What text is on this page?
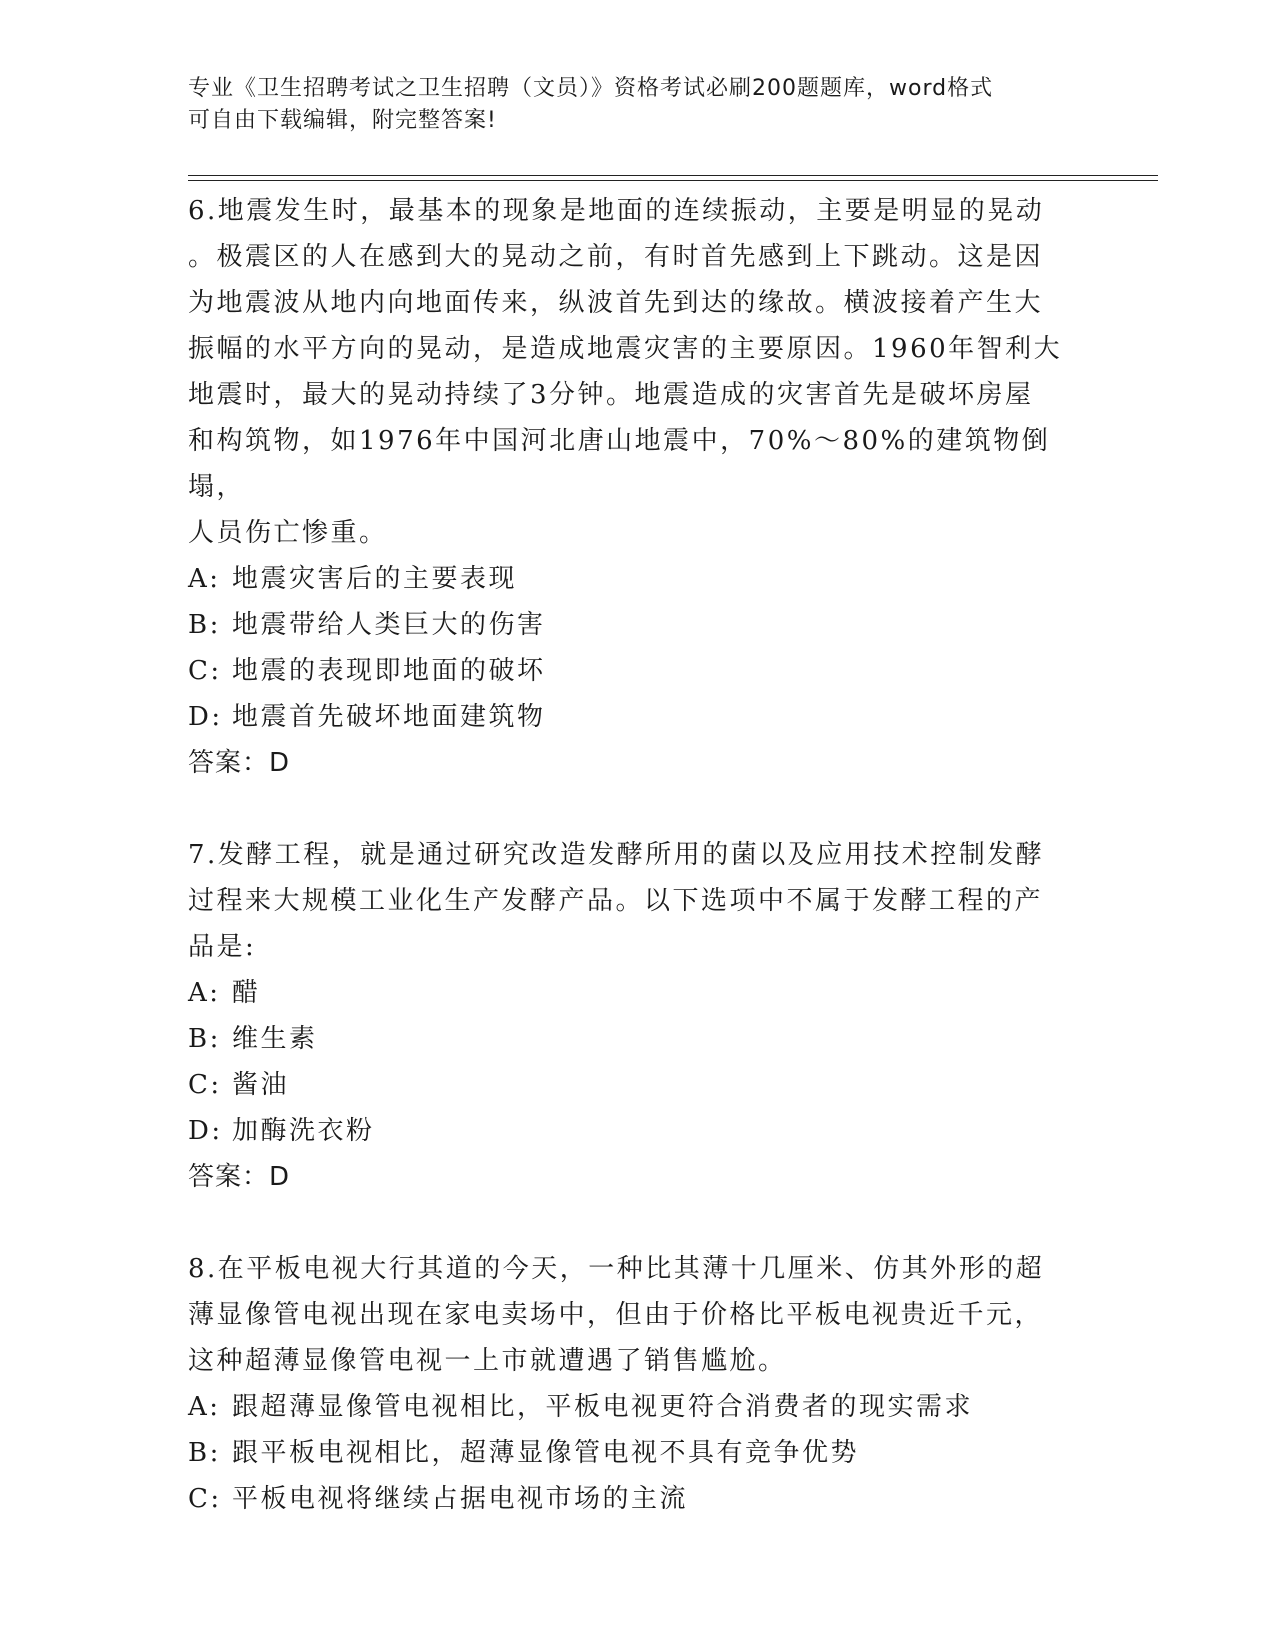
专业《卫生招聘考试之卫生招聘（文员）》资格考试必刷200题题库，word格式
可自由下载编辑，附完整答案!

6.地震发生时，最基本的现象是地面的连续振动，主要是明显的晃动

。极震区的人在感到大的晃动之前，有时首先感到上下跳动。这是因

为地震波从地内向地面传来，纵波首先到达的缘故。横波接着产生大

振幅的水平方向的晃动，是造成地震灾害的主要原因。1960年智利大

地震时，最大的晃动持续了3分钟。地震造成的灾害首先是破坏房屋

和构筑物，如1976年中国河北唐山地震中，70%～80%的建筑物倒塌，

人员伤亡惨重。

A: 地震灾害后的主要表现

B: 地震带给人类巨大的伤害

C: 地震的表现即地面的破坏

D: 地震首先破坏地面建筑物

答案：D

7.发酵工程，就是通过研究改造发酵所用的菌以及应用技术控制发酵

过程来大规模工业化生产发酵产品。以下选项中不属于发酵工程的产

品是:

A: 醋

B: 维生素

C: 酱油

D: 加酶洗衣粉

答案：D

8.在平板电视大行其道的今天，一种比其薄十几厘米、仿其外形的超

薄显像管电视出现在家电卖场中，但由于价格比平板电视贵近千元，

这种超薄显像管电视一上市就遭遇了销售尴尬。

A: 跟超薄显像管电视相比，平板电视更符合消费者的现实需求

B: 跟平板电视相比，超薄显像管电视不具有竞争优势

C: 平板电视将继续占据电视市场的主流
